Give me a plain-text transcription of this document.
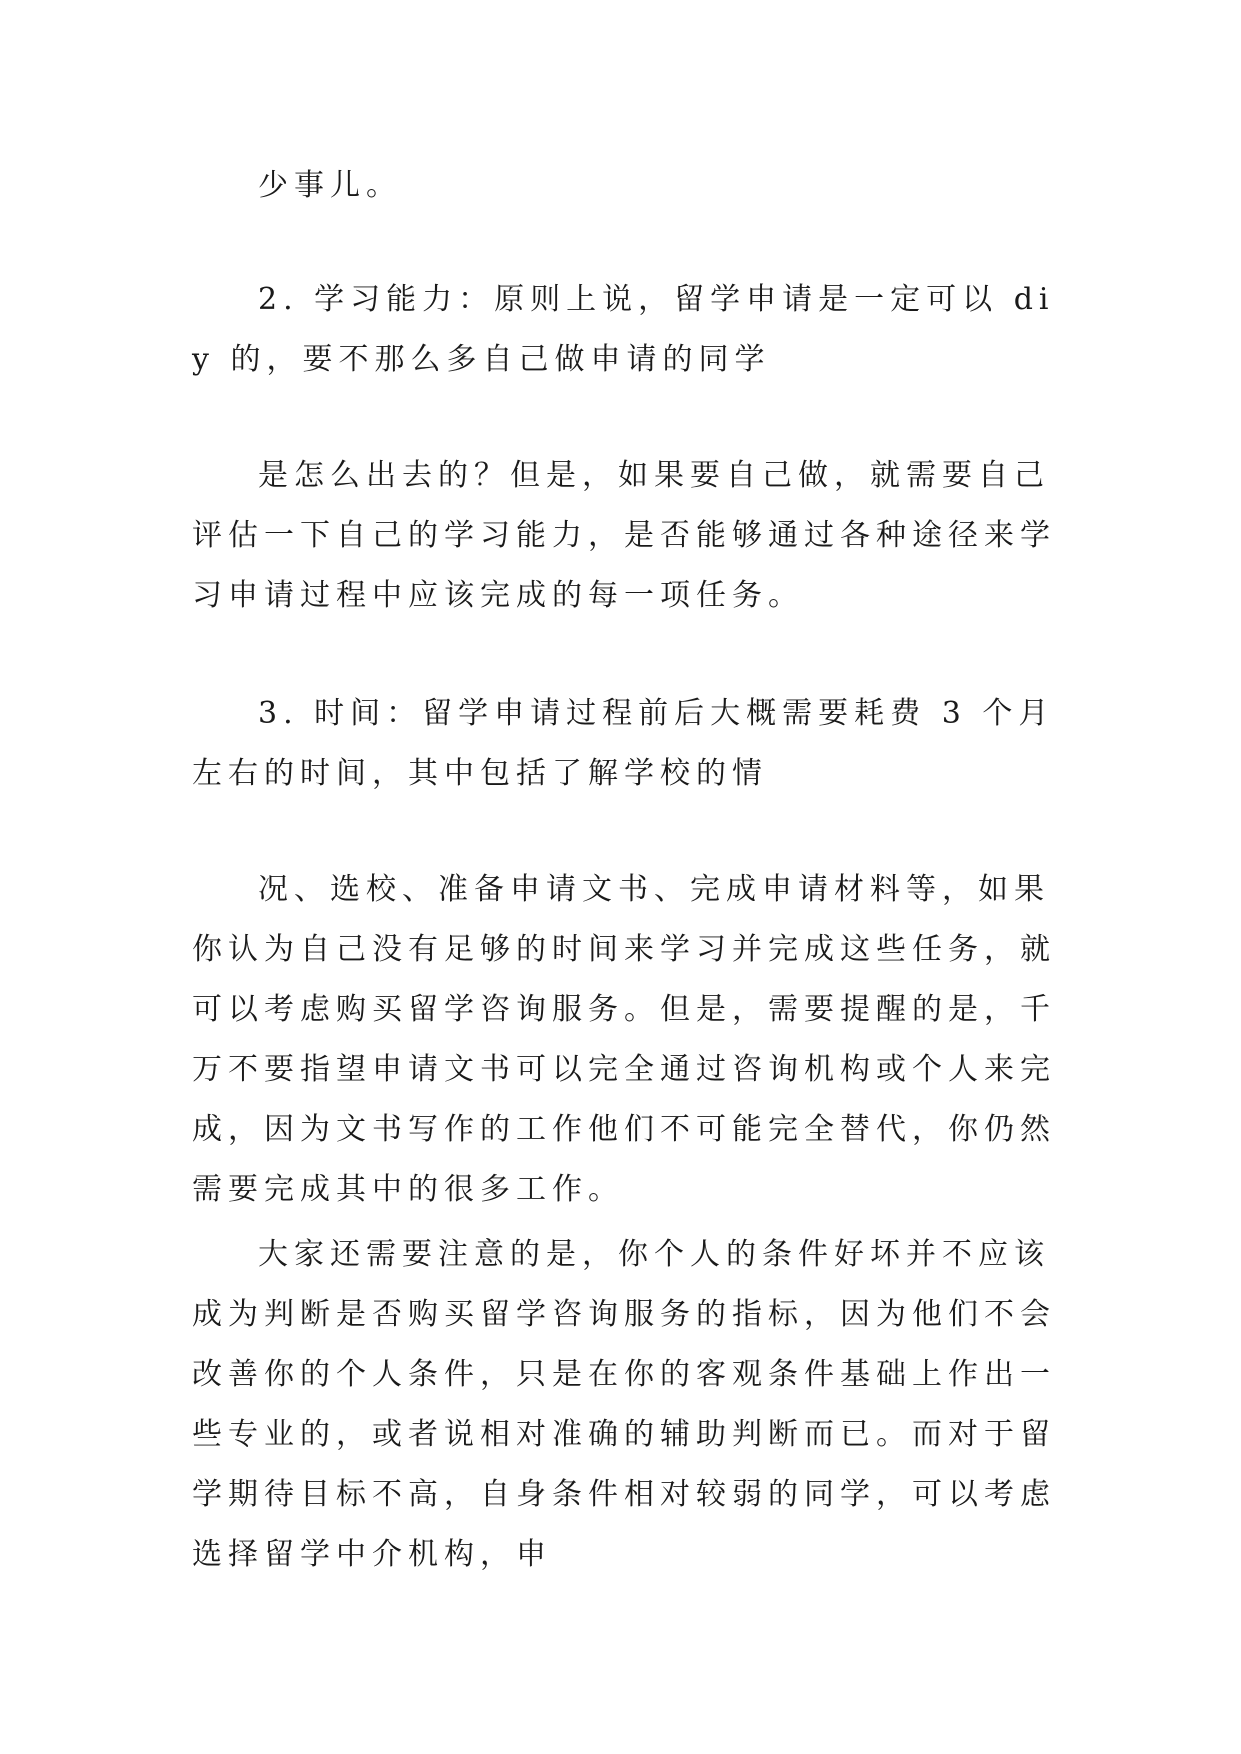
少事儿。

2. 学习能力：原则上说，留学申请是一定可以 diy 的，要不那么多自己做申请的同学

是怎么出去的？但是，如果要自己做，就需要自己评估一下自己的学习能力，是否能够通过各种途径来学习申请过程中应该完成的每一项任务。

3. 时间：留学申请过程前后大概需要耗费 3 个月左右的时间，其中包括了解学校的情

况、选校、准备申请文书、完成申请材料等，如果你认为自己没有足够的时间来学习并完成这些任务，就可以考虑购买留学咨询服务。但是，需要提醒的是，千万不要指望申请文书可以完全通过咨询机构或个人来完成，因为文书写作的工作他们不可能完全替代，你仍然需要完成其中的很多工作。

大家还需要注意的是，你个人的条件好坏并不应该成为判断是否购买留学咨询服务的指标，因为他们不会改善你的个人条件，只是在你的客观条件基础上作出一些专业的，或者说相对准确的辅助判断而已。而对于留学期待目标不高，自身条件相对较弱的同学，可以考虑选择留学中介机构，申
